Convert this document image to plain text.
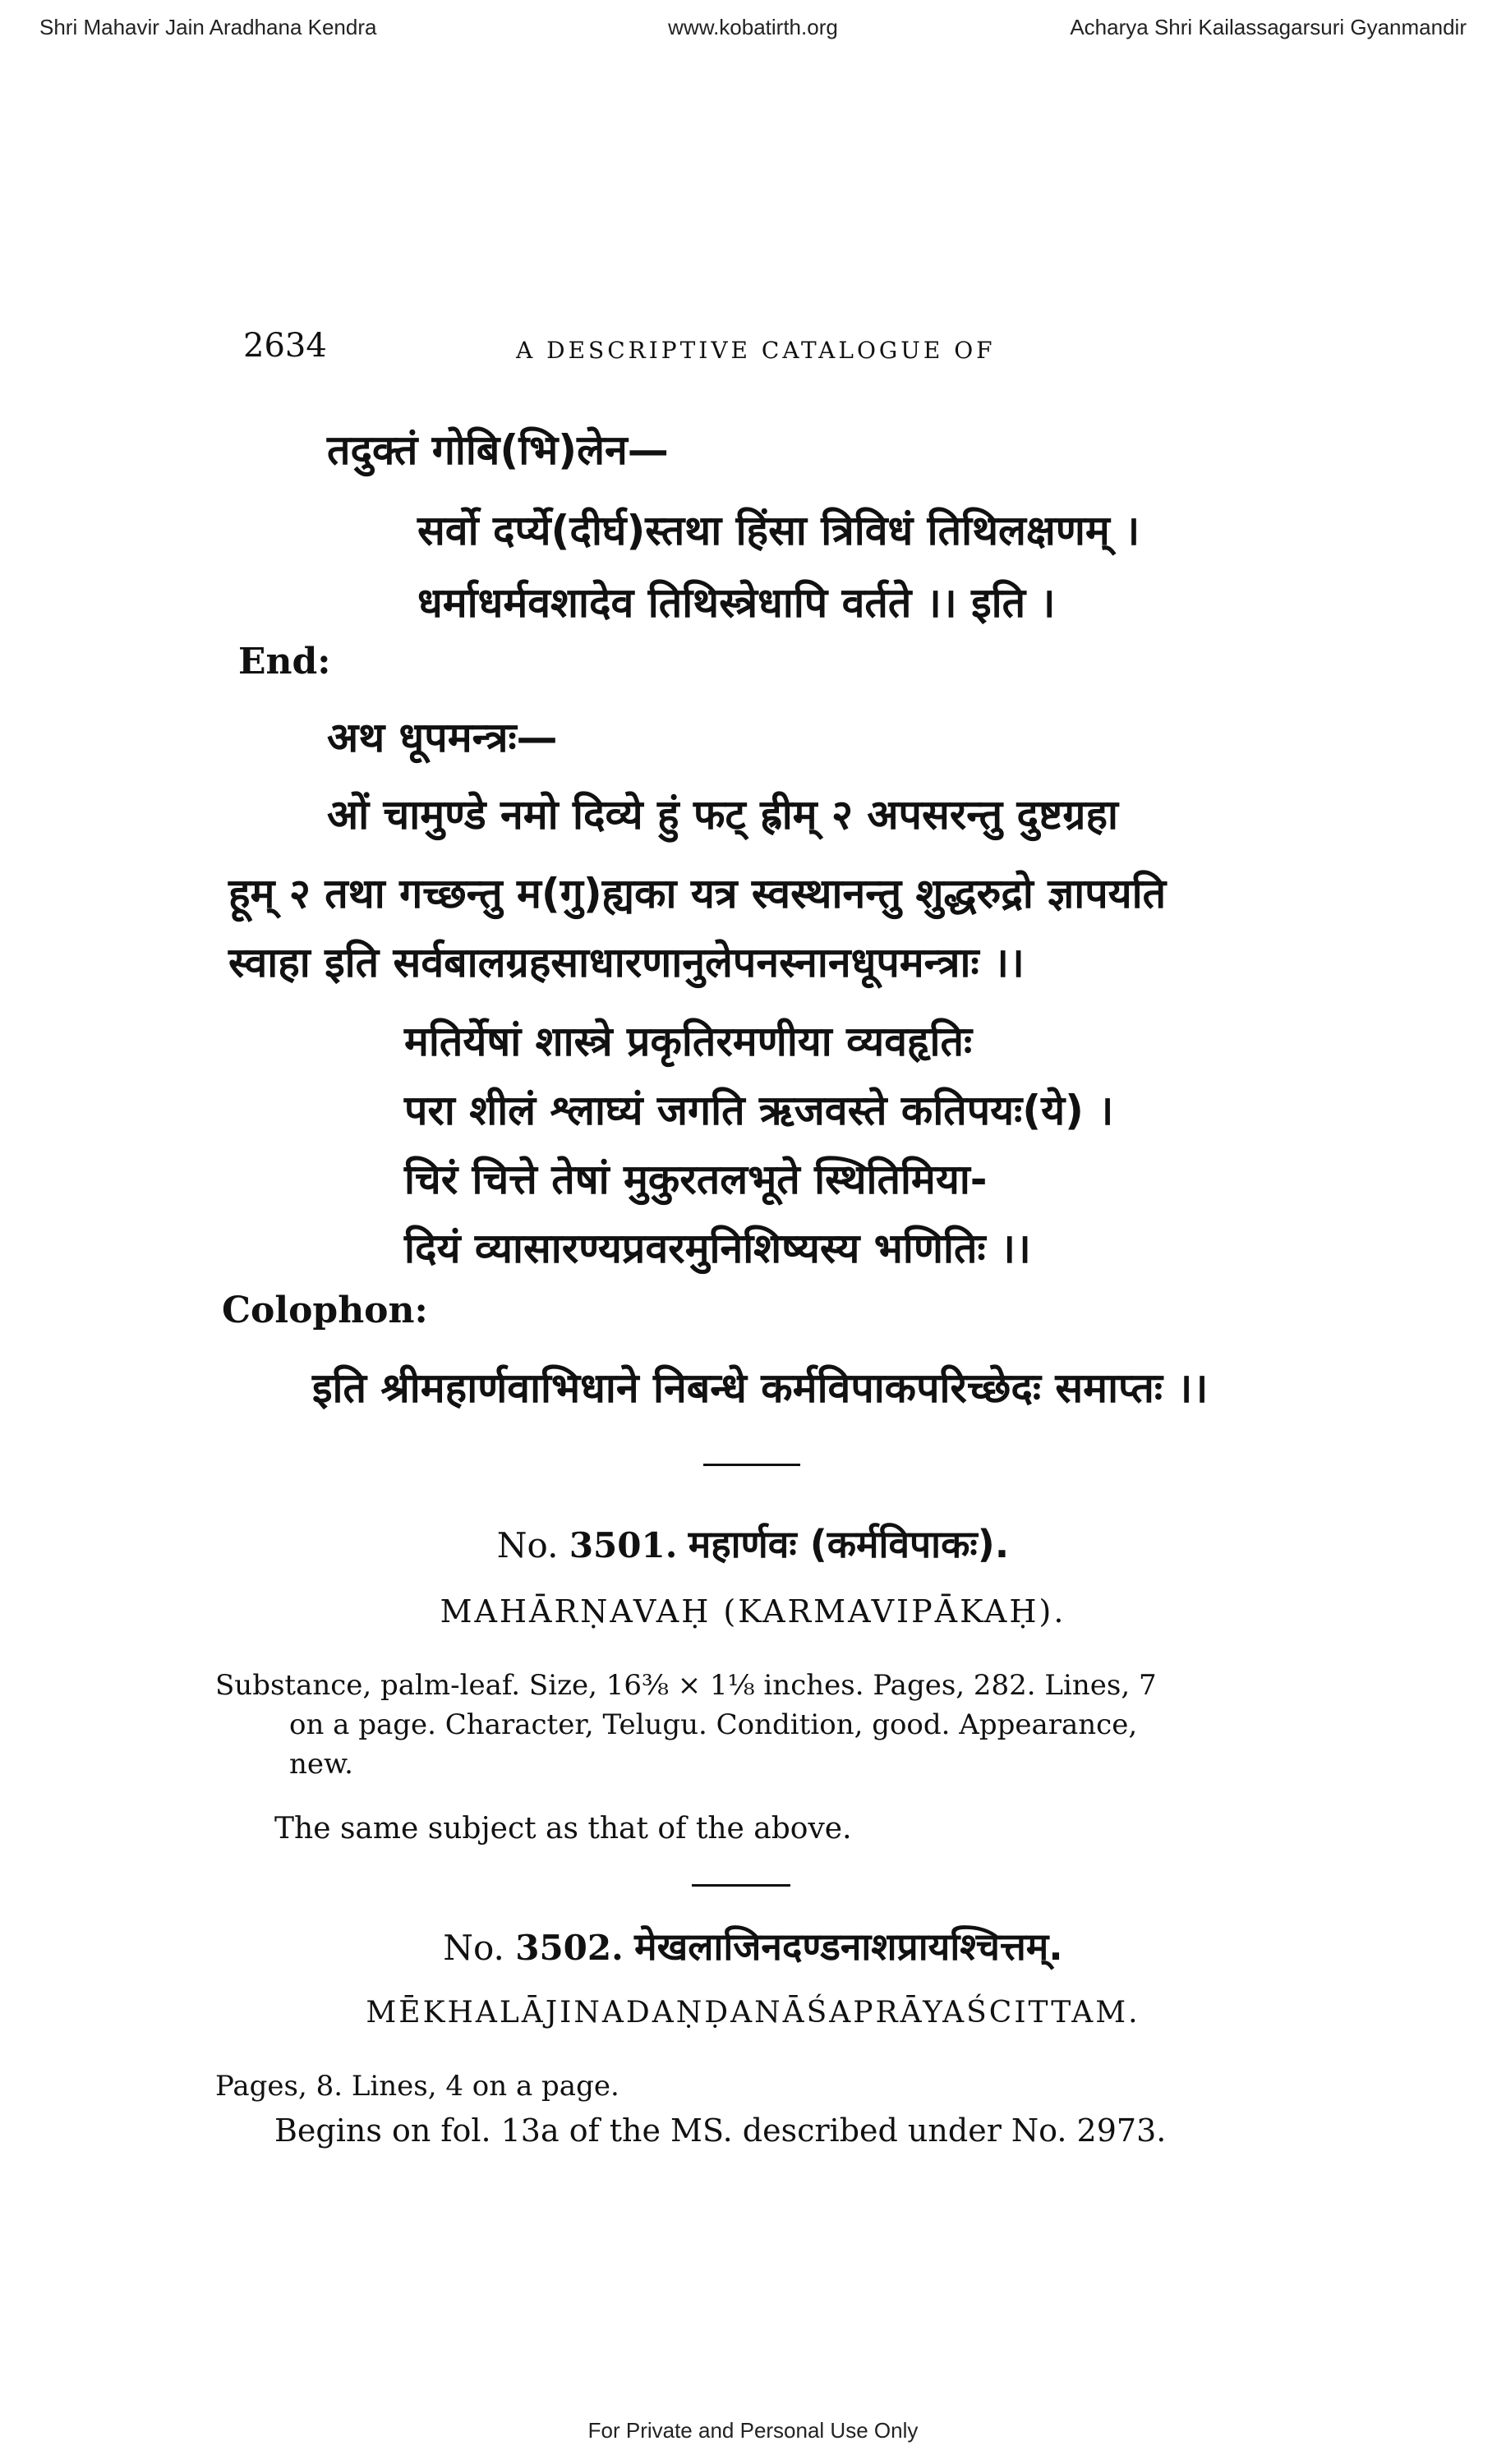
Shri Mahavir Jain Aradhana Kendra	www.kobatirth.org	Acharya Shri Kailassagarsuri Gyanmandir
2634	A DESCRIPTIVE CATALOGUE OF
तदुक्तं गोबि(भि)लेन—
सर्वो दर्प्ये(दीर्घ)स्तथा हिंसा त्रिविधं तिथिलक्षणम् ।
धर्माधर्मवशादेव तिथिस्त्रेधापि वर्तते ।। इति ।
End:
अथ धूपमन्त्रः—
ओं चामुण्डे नमो दिव्ये हुं फट् ह्रीम् २ अपसरन्तु दुष्टग्रहा
हूम् २ तथा गच्छन्तु म(गु)ह्यका यत्र स्वस्थानन्तु शुद्धरुद्रो ज्ञापयति
स्वाहा इति सर्वबालग्रहसाधारणानुलेपनस्नानधूपमन्त्राः ।।
मतिर्येषां शास्त्रे प्रकृतिरमणीया व्यवहृतिः
परा शीलं श्लाघ्यं जगति ऋजवस्ते कतिपयः(ये) ।
चिरं चित्ते तेषां मुकुरतलभूते स्थितिमिया-
दियं व्यासारण्यप्रवरमुनिशिष्यस्य भणितिः ।।
Colophon:
इति श्रीमहार्णवाभिधाने निबन्धे कर्मविपाकपरिच्छेदः समाप्तः ।।
No. 3501. महार्णवः (कर्मविपाकः).
MAHĀRṆAVAḤ (KARMAVIPĀKAḤ).
Substance, palm-leaf. Size, 16⅜ × 1⅛ inches. Pages, 282. Lines, 7
on a page. Character, Telugu. Condition, good. Appearance,
new.
The same subject as that of the above.
No. 3502. मेखलाजिनदण्डनाशप्रायश्चित्तम्.
MĒKHALĀJINADAṆḌANĀŚAPRĀYAŚCITTAM.
Pages, 8. Lines, 4 on a page.
Begins on fol. 13a of the MS. described under No. 2973.
For Private and Personal Use Only
